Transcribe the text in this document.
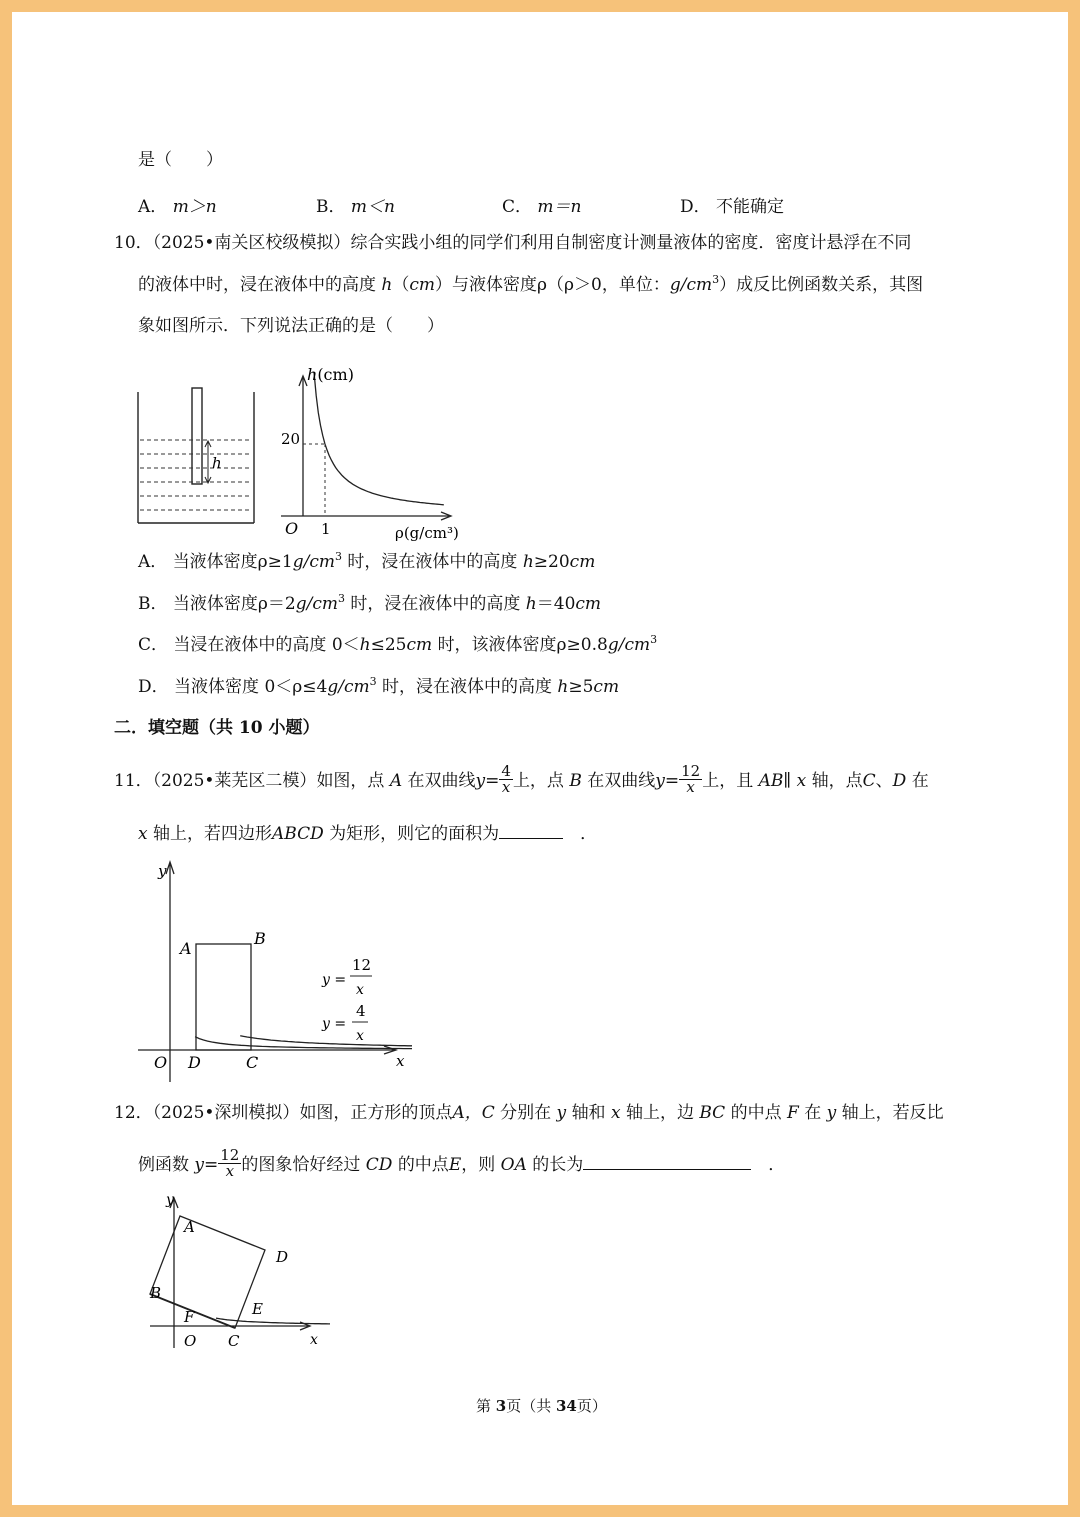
是（　　）
A． m＞n	B． m＜n	C． m＝n	D． 不能确定
10．（2025•南关区校级模拟）综合实践小组的同学们利用自制密度计测量液体的密度．密度计悬浮在不同
的液体中时，浸在液体中的高度 h（cm）与液体密度ρ（ρ＞0，单位：$g/cm^3$）成反比例函数关系，其图
象如图所示．下列说法正确的是（　　）
h
h(cm)
20
1
O	ρ(g/cm³)
A． 当液体密度$\rho\ge 1g/cm^3$ 时，浸在液体中的高度 h≥20cm
B． 当液体密度$\rho=2g/cm^3$ 时，浸在液体中的高度 h＝40cm
C． 当浸在液体中的高度 0＜h≤25cm 时，该液体密度$\rho\ge 0.8g/cm^3$
D． 当液体密度 $0<\rho\le 4g/cm^3$ 时，浸在液体中的高度 h≥5cm
二．填空题（共 10 小题）
11．（2025•莱芜区二模）如图，点 A 在双曲线$y= \frac{4}{x}$ 上，点 B 在双曲线$y= \frac{12}{x}$ 上，且 AB∥ x 轴，点C、D 在
x 轴上，若四边形ABCD 为矩形，则它的面积为　	．
y
x
O D	C
A
B
y =
12
x
y =
4
x
12．（2025•深圳模拟）如图，正方形的顶点A，C 分别在 y 轴和 x 轴上，边 BC 的中点 F 在 y 轴上，若反比
例函数 $y= \frac{12}{x}$ 的图象恰好经过 CD 的中点E，则 OA 的长为　	．
y
x
O
A
B
C
D
E
F
第 3页（共 34页）
